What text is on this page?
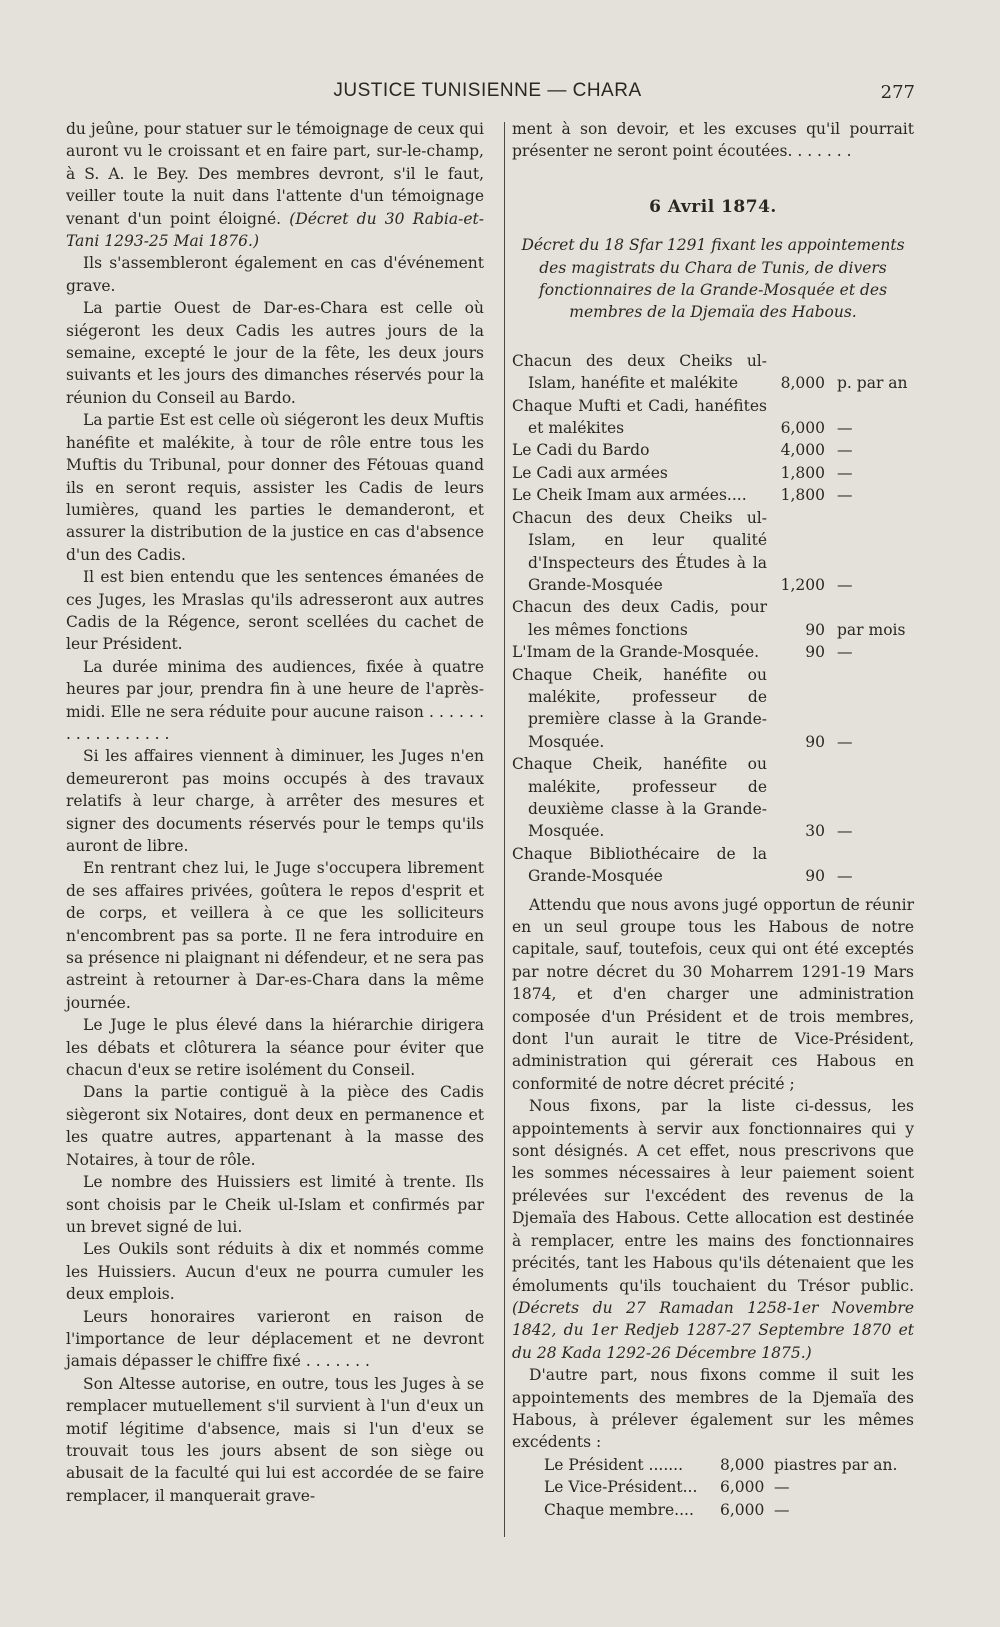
JUSTICE TUNISIENNE — CHARA	277

du jeûne, pour statuer sur le témoignage de ceux qui auront vu le croissant et en faire part, sur-le-champ, à S. A. le Bey. Des membres devront, s'il le faut, veiller toute la nuit dans l'attente d'un témoignage venant d'un point éloigné. (Décret du 30 Rabia-et-Tani 1293-25 Mai 1876.)

Ils s'assembleront également en cas d'événement grave.

La partie Ouest de Dar-es-Chara est celle où siégeront les deux Cadis les autres jours de la semaine, excepté le jour de la fête, les deux jours suivants et les jours des dimanches réservés pour la réunion du Conseil au Bardo.

La partie Est est celle où siégeront les deux Muftis hanéfite et malékite, à tour de rôle entre tous les Muftis du Tribunal, pour donner des Fétouas quand ils en seront requis, assister les Cadis de leurs lumières, quand les parties le demanderont, et assurer la distribution de la justice en cas d'absence d'un des Cadis.

Il est bien entendu que les sentences émanées de ces Juges, les Mraslas qu'ils adresseront aux autres Cadis de la Régence, seront scellées du cachet de leur Président.

La durée minima des audiences, fixée à quatre heures par jour, prendra fin à une heure de l'après-midi. Elle ne sera réduite pour aucune raison . . . . . . . . . . . . . . . . .

Si les affaires viennent à diminuer, les Juges n'en demeureront pas moins occupés à des travaux relatifs à leur charge, à arrêter des mesures et signer des documents réservés pour le temps qu'ils auront de libre.

En rentrant chez lui, le Juge s'occupera librement de ses affaires privées, goûtera le repos d'esprit et de corps, et veillera à ce que les solliciteurs n'encombrent pas sa porte. Il ne fera introduire en sa présence ni plaignant ni défendeur, et ne sera pas astreint à retourner à Dar-es-Chara dans la même journée.

Le Juge le plus élevé dans la hiérarchie dirigera les débats et clôturera la séance pour éviter que chacun d'eux se retire isolément du Conseil.

Dans la partie contiguë à la pièce des Cadis siègeront six Notaires, dont deux en permanence et les quatre autres, appartenant à la masse des Notaires, à tour de rôle.

Le nombre des Huissiers est limité à trente. Ils sont choisis par le Cheik ul-Islam et confirmés par un brevet signé de lui.

Les Oukils sont réduits à dix et nommés comme les Huissiers. Aucun d'eux ne pourra cumuler les deux emplois.

Leurs honoraires varieront en raison de l'importance de leur déplacement et ne devront jamais dépasser le chiffre fixé . . . . . . .

Son Altesse autorise, en outre, tous les Juges à se remplacer mutuellement s'il survient à l'un d'eux un motif légitime d'absence, mais si l'un d'eux se trouvait tous les jours absent de son siège ou abusait de la faculté qui lui est accordée de se faire remplacer, il manquerait grave-

ment à son devoir, et les excuses qu'il pourrait présenter ne seront point écoutées. . . . . . .

6 Avril 1874.
Décret du 18 Sfar 1291 fixant les appointements des magistrats du Chara de Tunis, de divers fonctionnaires de la Grande-Mosquée et des membres de la Djemaïa des Habous.
Chacun des deux Cheiks ul-Islam, hanéfite et malékite	8,000	p. par an

Chaque Mufti et Cadi, hanéfites et malékites	6,000	—

Le Cadi du Bardo	4,000	—

Le Cadi aux armées	1,800	—

Le Cheik Imam aux armées....	1,800	—

Chacun des deux Cheiks ul-Islam, en leur qualité d'Inspecteurs des Études à la Grande-Mosquée	1,200	—

Chacun des deux Cadis, pour les mêmes fonctions	90	par mois

L'Imam de la Grande-Mosquée.	90	—

Chaque Cheik, hanéfite ou malékite, professeur de première classe à la Grande-Mosquée.	90	—

Chaque Cheik, hanéfite ou malékite, professeur de deuxième classe à la Grande-Mosquée.	30	—

Chaque Bibliothécaire de la Grande-Mosquée	90	—

Attendu que nous avons jugé opportun de réunir en un seul groupe tous les Habous de notre capitale, sauf, toutefois, ceux qui ont été exceptés par notre décret du 30 Moharrem 1291-19 Mars 1874, et d'en charger une administration composée d'un Président et de trois membres, dont l'un aurait le titre de Vice-Président, administration qui gérerait ces Habous en conformité de notre décret précité ;

Nous fixons, par la liste ci-dessus, les appointements à servir aux fonctionnaires qui y sont désignés. A cet effet, nous prescrivons que les sommes nécessaires à leur paiement soient prélevées sur l'excédent des revenus de la Djemaïa des Habous. Cette allocation est destinée à remplacer, entre les mains des fonctionnaires précités, tant les Habous qu'ils détenaient que les émoluments qu'ils touchaient du Trésor public. (Décrets du 27 Ramadan 1258-1er Novembre 1842, du 1er Redjeb 1287-27 Septembre 1870 et du 28 Kada 1292-26 Décembre 1875.)

D'autre part, nous fixons comme il suit les appointements des membres de la Djemaïa des Habous, à prélever également sur les mêmes excédents :

Le Président .......	8,000	piastres par an.
Le Vice-Président...	6,000	—
Chaque membre....	6,000	—
